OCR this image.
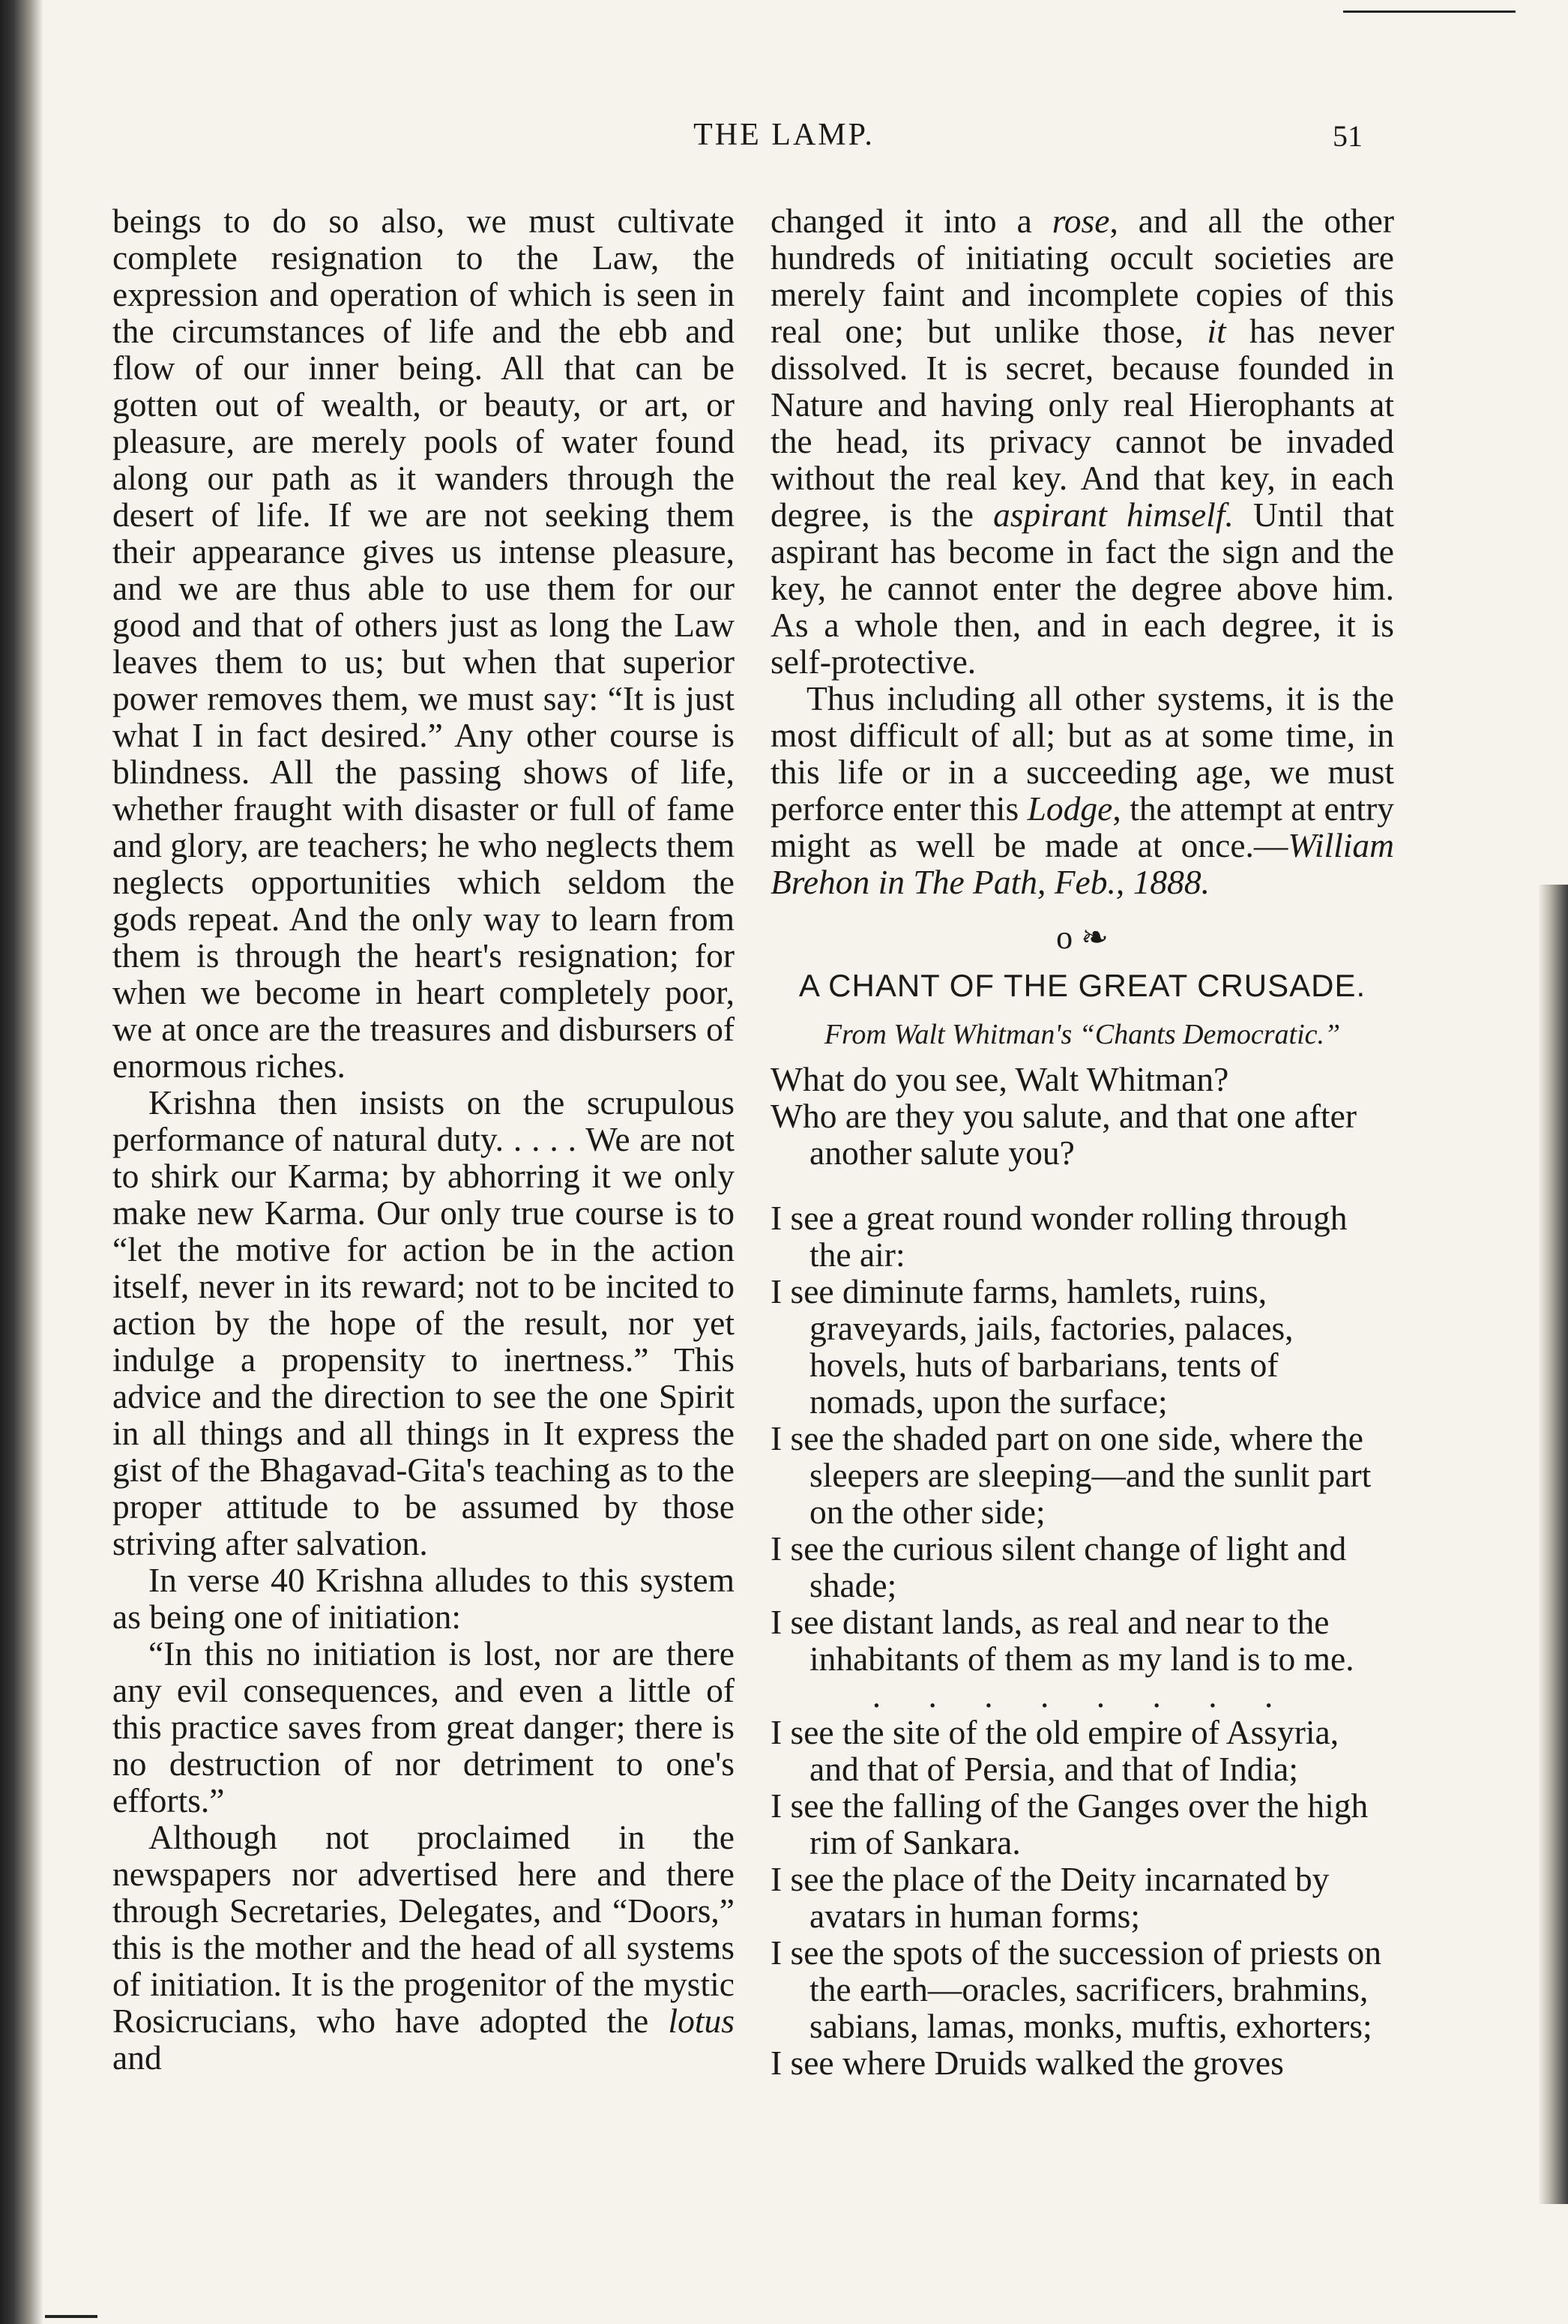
THE LAMP.	51

beings to do so also, we must cultivate complete resignation to the Law, the expression and operation of which is seen in the circumstances of life and the ebb and flow of our inner being. All that can be gotten out of wealth, or beauty, or art, or pleasure, are merely pools of water found along our path as it wanders through the desert of life. If we are not seeking them their appearance gives us intense pleasure, and we are thus able to use them for our good and that of others just as long the Law leaves them to us; but when that superior power removes them, we must say: “It is just what I in fact desired.” Any other course is blindness. All the passing shows of life, whether fraught with disaster or full of fame and glory, are teachers; he who neglects them neglects opportunities which seldom the gods repeat. And the only way to learn from them is through the heart's resignation; for when we become in heart completely poor, we at once are the treasures and disbursers of enormous riches.

Krishna then insists on the scrupulous performance of natural duty. . . . . We are not to shirk our Karma; by abhorring it we only make new Karma. Our only true course is to “let the motive for action be in the action itself, never in its reward; not to be incited to action by the hope of the result, nor yet indulge a propensity to inertness.” This advice and the direction to see the one Spirit in all things and all things in It express the gist of the Bhagavad-Gita's teaching as to the proper attitude to be assumed by those striving after salvation.

In verse 40 Krishna alludes to this system as being one of initiation:

“In this no initiation is lost, nor are there any evil consequences, and even a little of this practice saves from great danger; there is no destruction of nor detriment to one's efforts.”

Although not proclaimed in the newspapers nor advertised here and there through Secretaries, Delegates, and “Doors,” this is the mother and the head of all systems of initiation. It is the progenitor of the mystic Rosicrucians, who have adopted the lotus and

changed it into a rose, and all the other hundreds of initiating occult societies are merely faint and incomplete copies of this real one; but unlike those, it has never dissolved. It is secret, because founded in Nature and having only real Hierophants at the head, its privacy cannot be invaded without the real key. And that key, in each degree, is the aspirant himself. Until that aspirant has become in fact the sign and the key, he cannot enter the degree above him. As a whole then, and in each degree, it is self-protective.

Thus including all other systems, it is the most difficult of all; but as at some time, in this life or in a succeeding age, we must perforce enter this Lodge, the attempt at entry might as well be made at once.—William Brehon in The Path, Feb., 1888.

o ❧
A CHANT OF THE GREAT CRUSADE.
From Walt Whitman's “Chants Democratic.”

What do you see, Walt Whitman?

Who are they you salute, and that one after another salute you?

I see a great round wonder rolling through the air:

I see diminute farms, hamlets, ruins, graveyards, jails, factories, palaces, hovels, huts of barbarians, tents of nomads, upon the surface;

I see the shaded part on one side, where the sleepers are sleeping—and the sunlit part on the other side;

I see the curious silent change of light and shade;

I see distant lands, as real and near to the inhabitants of them as my land is to me.

. . . . . . . .

I see the site of the old empire of Assyria, and that of Persia, and that of India;

I see the falling of the Ganges over the high rim of Sankara.

I see the place of the Deity incarnated by avatars in human forms;

I see the spots of the succession of priests on the earth—oracles, sacrificers, brahmins, sabians, lamas, monks, muftis, exhorters;

I see where Druids walked the groves
